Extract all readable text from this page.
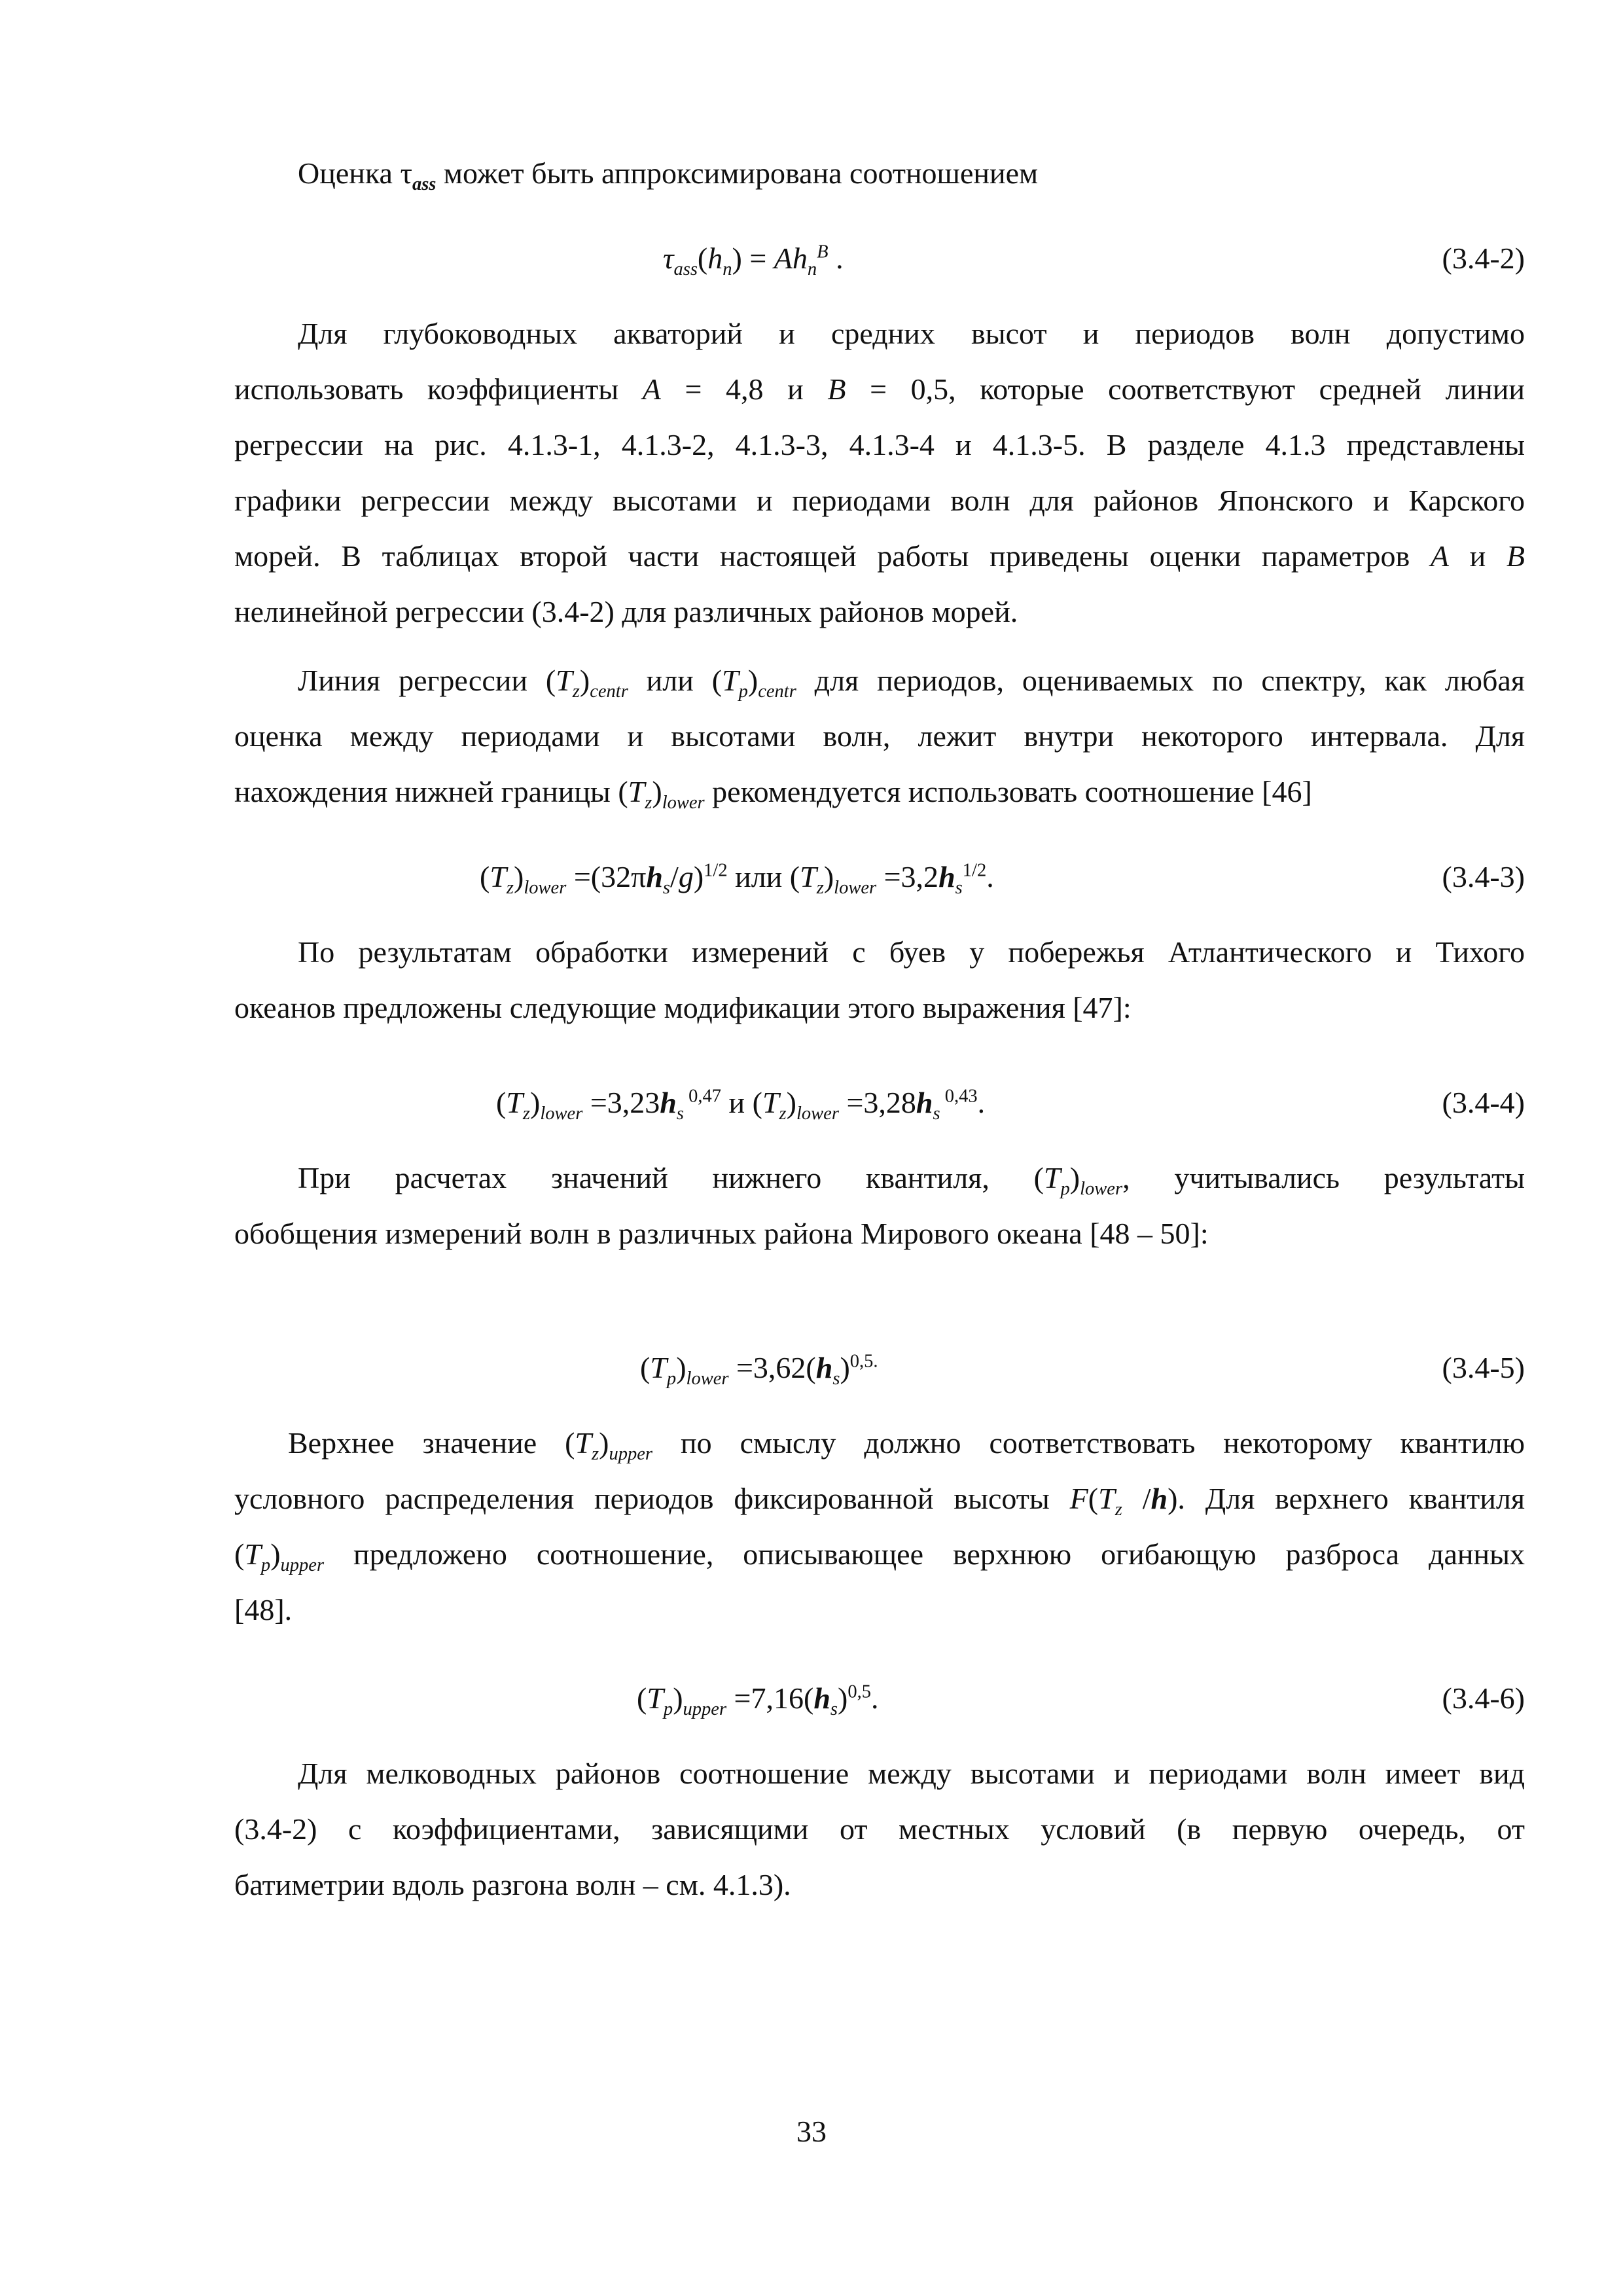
Оценка $\tau_{ass}$ может быть аппроксимирована соотношением
$\tau_{ass}(h_n) = Ah_n^B$ .	(3.4-2)
Для глубоководных акваторий и средних высот и периодов волн допустимо
использовать коэффициенты A = 4,8 и B = 0,5, которые соответствуют средней линии
регрессии на рис. 4.1.3-1, 4.1.3-2, 4.1.3-3, 4.1.3-4 и 4.1.3-5. В разделе 4.1.3 представлены
графики регрессии между высотами и периодами волн для районов Японского и Карского
морей. В таблицах второй части настоящей работы приведены оценки параметров A и B
нелинейной регрессии (3.4-2) для различных районов морей.
Линия регрессии $(T_z)_{centr}$ или $(T_p)_{centr}$ для периодов, оцениваемых по спектру, как любая
оценка между периодами и высотами волн, лежит внутри некоторого интервала. Для
нахождения нижней границы $(T_z)_{lower}$ рекомендуется использовать соотношение [46]
$(T_z)_{lower} =(32\pi h_s/g)^{1/2}$ или $(T_z)_{lower} =3,2h_s^{1/2}$.	(3.4-3)
По результатам обработки измерений с буев у побережья Атлантического и Тихого
океанов предложены следующие модификации этого выражения [47]:
$(T_z)_{lower} =3,23h_s$ $^{0,47}$ и $(T_z)_{lower} =3,28h_s$ $^{0,43}$.	(3.4-4)
При расчетах значений нижнего квантиля, $(T_p)_{lower}$, учитывались результаты
обобщения измерений волн в различных района Мирового океана [48 – 50]:
$(T_p)_{lower} =3,62(h_s)^{0,5.}$	(3.4-5)
Верхнее значение $(T_z)_{upper}$ по смыслу должно соответствовать некоторому квантилю
условного распределения периодов фиксированной высоты $F(T_z$ /h). Для верхнего квантиля
$(T_p)_{upper}$ предложено соотношение, описывающее верхнюю огибающую разброса данных
[48].
$(T_p)_{upper} =7,16(h_s)^{0,5}$.	(3.4-6)
Для мелководных районов соотношение между высотами и периодами волн имеет вид
(3.4-2) с коэффициентами, зависящими от местных условий (в первую очередь, от
батиметрии вдоль разгона волн – см. 4.1.3).
33
